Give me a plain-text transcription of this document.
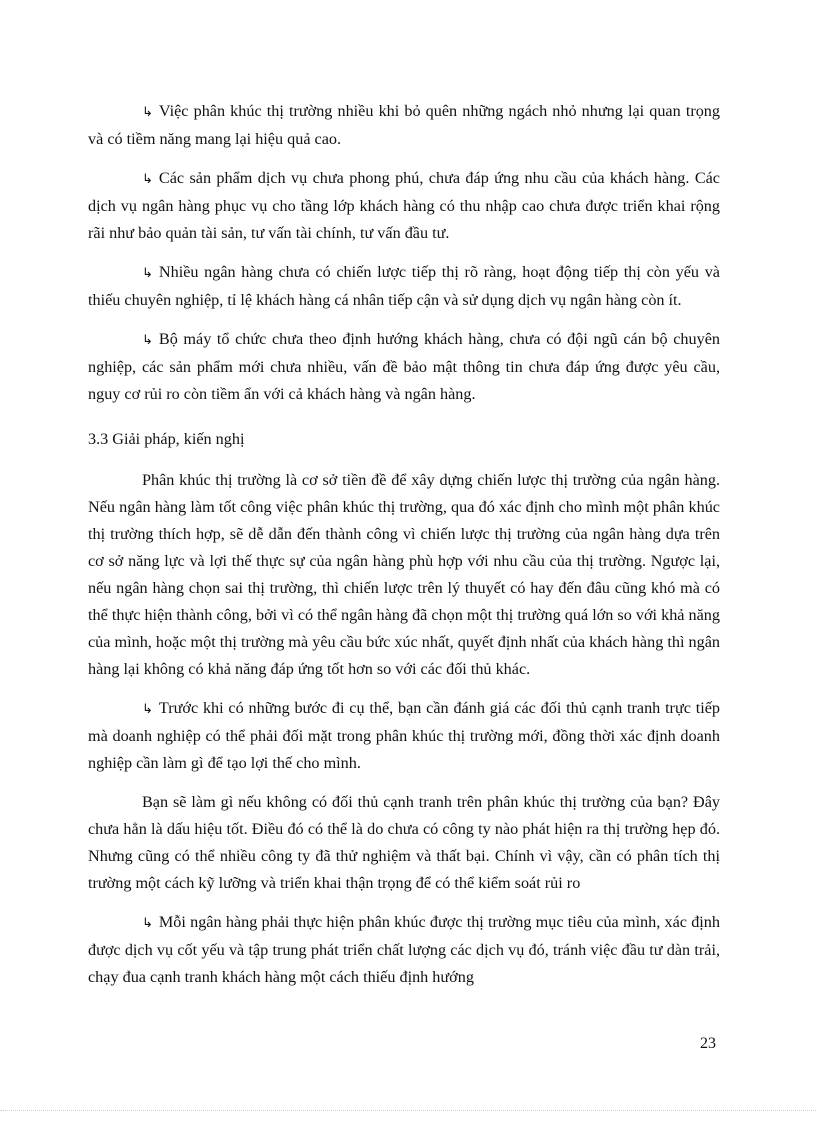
↳ Việc phân khúc thị trường nhiều khi bỏ quên những ngách nhỏ nhưng lại quan trọng và có tiềm năng mang lại hiệu quả cao.

↳ Các sản phẩm dịch vụ chưa phong phú, chưa đáp ứng nhu cầu của khách hàng. Các dịch vụ ngân hàng phục vụ cho tầng lớp khách hàng có thu nhập cao chưa được triển khai rộng rãi như bảo quản tài sản, tư vấn tài chính, tư vấn đầu tư.

↳ Nhiều ngân hàng chưa có chiến lược tiếp thị rõ ràng, hoạt động tiếp thị còn yếu và thiếu chuyên nghiệp, tỉ lệ khách hàng cá nhân tiếp cận và sử dụng dịch vụ ngân hàng còn ít.

↳ Bộ máy tổ chức chưa theo định hướng khách hàng, chưa có đội ngũ cán bộ chuyên nghiệp, các sản phẩm mới chưa nhiều, vấn đề bảo mật thông tin chưa đáp ứng được yêu cầu, nguy cơ rủi ro còn tiềm ẩn với cả khách hàng và ngân hàng.

3.3 Giải pháp, kiến nghị

Phân khúc thị trường là cơ sở tiền đề để xây dựng chiến lược thị trường của ngân hàng. Nếu ngân hàng làm tốt công việc phân khúc thị trường, qua đó xác định cho mình một phân khúc thị trường thích hợp, sẽ dễ dẫn đến thành công vì chiến lược thị trường của ngân hàng dựa trên cơ sở năng lực và lợi thế thực sự của ngân hàng phù hợp với nhu cầu của thị trường. Ngược lại, nếu ngân hàng chọn sai thị trường, thì chiến lược trên lý thuyết có hay đến đâu cũng khó mà có thể thực hiện thành công, bởi vì có thể ngân hàng đã chọn một thị trường quá lớn so với khả năng của mình, hoặc một thị trường mà yêu cầu bức xúc nhất, quyết định nhất của khách hàng thì ngân hàng lại không có khả năng đáp ứng tốt hơn so với các đối thủ khác.

↳ Trước khi có những bước đi cụ thể, bạn cần đánh giá các đối thủ cạnh tranh trực tiếp mà doanh nghiệp có thể phải đối mặt trong phân khúc thị trường mới, đồng thời xác định doanh nghiệp cần làm gì để tạo lợi thế cho mình.

Bạn sẽ làm gì nếu không có đối thủ cạnh tranh trên phân khúc thị trường của bạn? Đây chưa hẳn là dấu hiệu tốt. Điều đó có thể là do chưa có công ty nào phát hiện ra thị trường hẹp đó. Nhưng cũng có thể nhiều công ty đã thử nghiệm và thất bại. Chính vì vậy, cần có phân tích thị trường một cách kỹ lưỡng và triển khai thận trọng để có thể kiểm soát rủi ro

↳ Mỗi ngân hàng phải thực hiện phân khúc được thị trường mục tiêu của mình, xác định được dịch vụ cốt yếu và tập trung phát triển chất lượng các dịch vụ đó, tránh việc đầu tư dàn trải, chạy đua cạnh tranh khách hàng một cách thiếu định hướng

23
